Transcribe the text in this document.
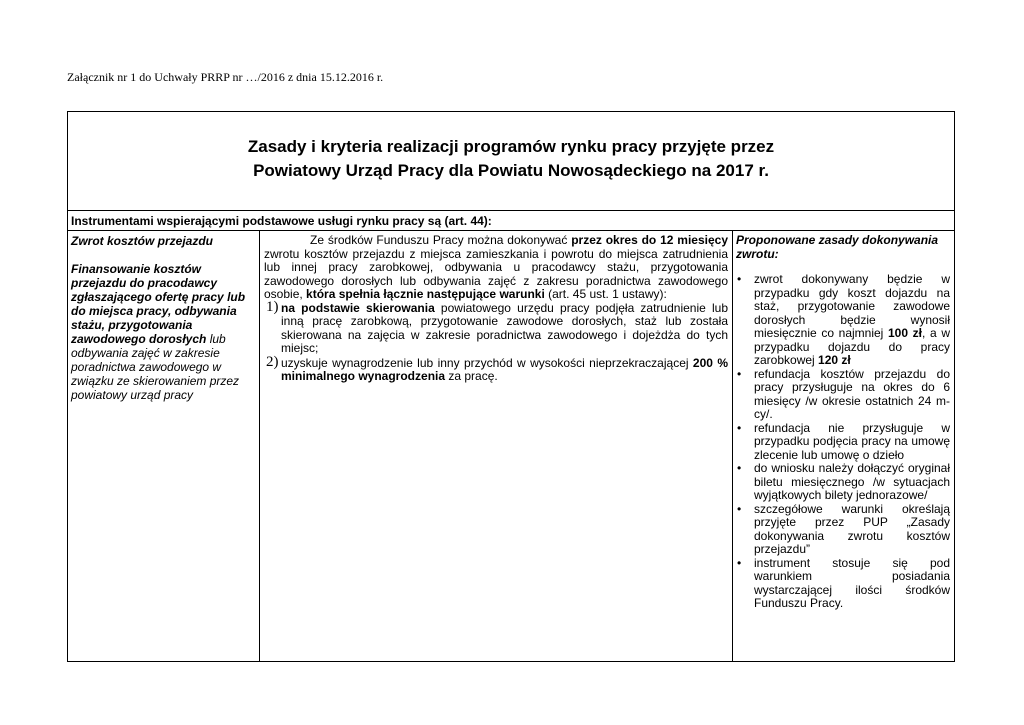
Załącznik nr 1 do Uchwały PRRP nr …/2016 z dnia 15.12.2016 r.
Zasady i kryteria realizacji programów rynku pracy przyjęte przez
Powiatowy Urząd Pracy dla Powiatu Nowosądeckiego na 2017 r.
Instrumentami wspierającymi podstawowe usługi rynku pracy są (art. 44):
Zwrot kosztów przejazdu
Finansowanie kosztów przejazdu do pracodawcy zgłaszającego ofertę pracy lub do miejsca pracy, odbywania stażu, przygotowania zawodowego dorosłych lub odbywania zajęć w zakresie poradnictwa zawodowego w związku ze skierowaniem przez powiatowy urząd pracy

Ze środków Funduszu Pracy można dokonywać przez okres do 12 miesięcy zwrotu kosztów przejazdu z miejsca zamieszkania i powrotu do miejsca zatrudnienia lub innej pracy zarobkowej, odbywania u pracodawcy stażu, przygotowania zawodowego dorosłych lub odbywania zajęć z zakresu poradnictwa zawodowego osobie, która spełnia łącznie następujące warunki (art. 45 ust. 1 ustawy):

1) na podstawie skierowania powiatowego urzędu pracy podjęła zatrudnienie lub inną pracę zarobkową, przygotowanie zawodowe dorosłych, staż lub została skierowana na zajęcia w zakresie poradnictwa zawodowego i dojeżdża do tych miejsc;
2) uzyskuje wynagrodzenie lub inny przychód w wysokości nieprzekraczającej 200 % minimalnego wynagrodzenia za pracę.
Proponowane zasady dokonywania zwrotu:
• zwrot dokonywany będzie w przypadku gdy koszt dojazdu na staż, przygotowanie zawodowe dorosłych będzie wynosił miesięcznie co najmniej 100 zł, a w przypadku dojazdu do pracy zarobkowej 120 zł
• refundacja kosztów przejazdu do pracy przysługuje na okres do 6 miesięcy /w okresie ostatnich 24 m-cy/.
• refundacja nie przysługuje w przypadku podjęcia pracy na umowę zlecenie lub umowę o dzieło
• do wniosku należy dołączyć oryginał biletu miesięcznego /w sytuacjach wyjątkowych bilety jednorazowe/
• szczegółowe warunki określają przyjęte przez PUP „Zasady dokonywania zwrotu kosztów przejazdu”
• instrument stosuje się pod warunkiem posiadania wystarczającej ilości środków Funduszu Pracy.
